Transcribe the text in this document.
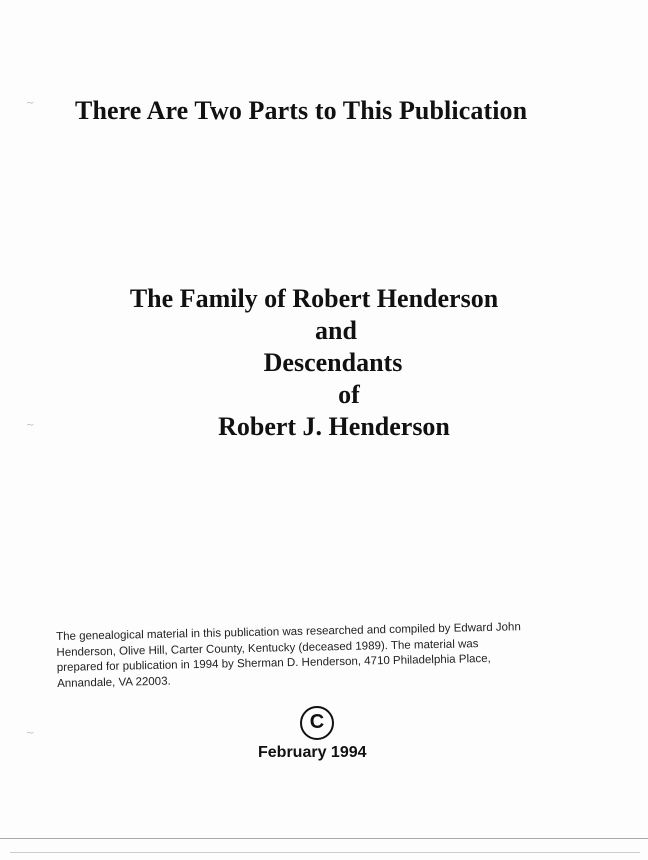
~
~
~
There Are Two Parts to This Publication
The Family of Robert Henderson
and
Descendants
of
Robert J. Henderson
The genealogical material in this publication was researched and compiled by Edward John
Henderson, Olive Hill, Carter County, Kentucky (deceased 1989). The material was
prepared for publication in 1994 by Sherman D. Henderson, 4710 Philadelphia Place,
Annandale, VA 22003.
C
February 1994
